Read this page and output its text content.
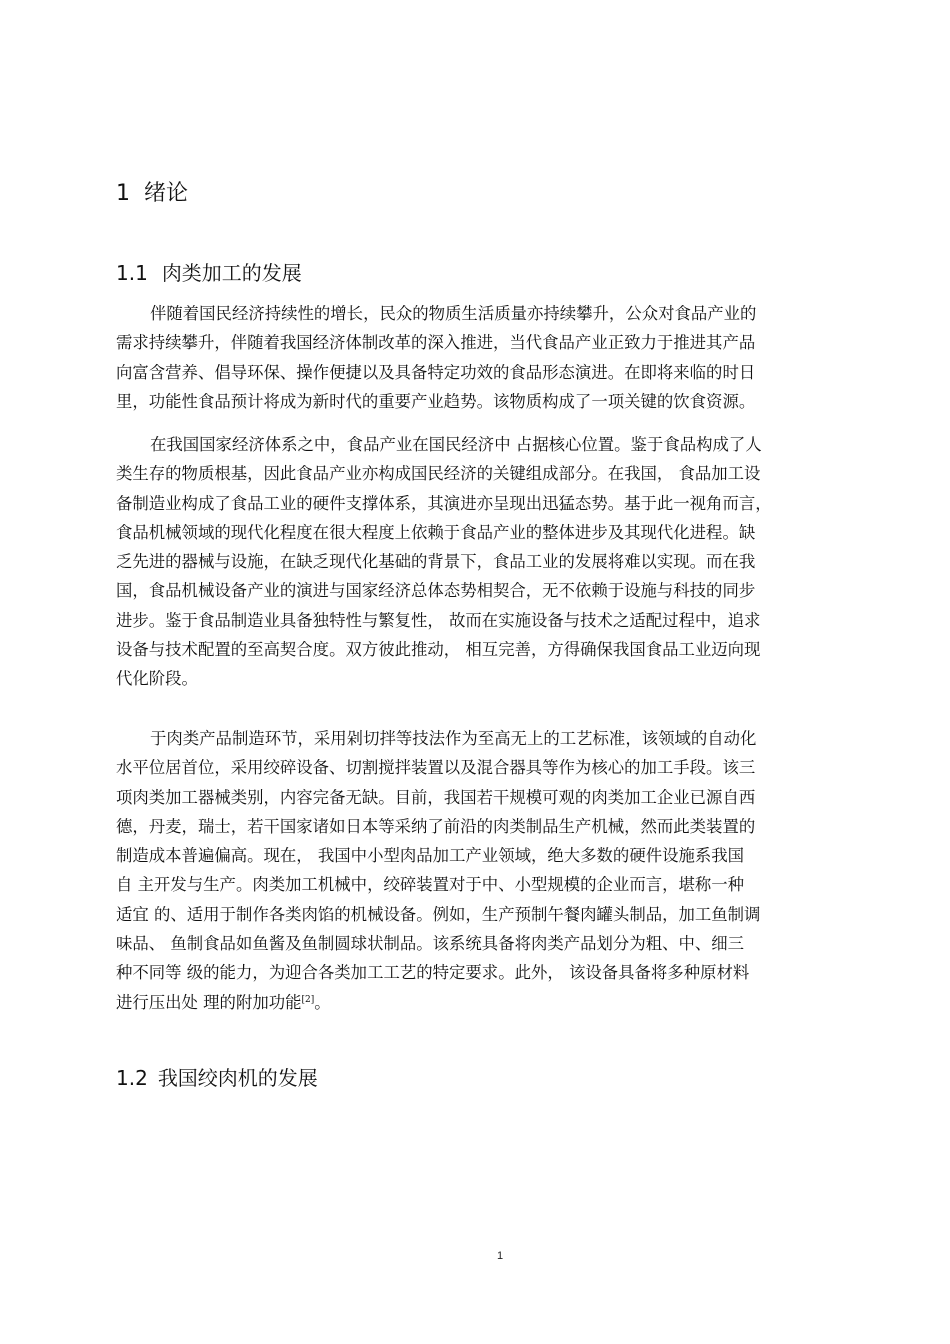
1 绪论
1.1 肉类加工的发展
伴随着国民经济持续性的增长，民众的物质生活质量亦持续攀升，公众对食品产业的
需求持续攀升，伴随着我国经济体制改革的深入推进，当代食品产业正致力于推进其产品
向富含营养、倡导环保、操作便捷以及具备特定功效的食品形态演进。在即将来临的时日
里，功能性食品预计将成为新时代的重要产业趋势。该物质构成了一项关键的饮食资源。
在我国国家经济体系之中，食品产业在国民经济中 占据核心位置。鉴于食品构成了人
类生存的物质根基，因此食品产业亦构成国民经济的关键组成部分。在我国， 食品加工设
备制造业构成了食品工业的硬件支撑体系，其演进亦呈现出迅猛态势。基于此一视角而言，
食品机械领域的现代化程度在很大程度上依赖于食品产业的整体进步及其现代化进程。缺
乏先进的器械与设施，在缺乏现代化基础的背景下，食品工业的发展将难以实现。而在我
国，食品机械设备产业的演进与国家经济总体态势相契合，无不依赖于设施与科技的同步
进步。鉴于食品制造业具备独特性与繁复性， 故而在实施设备与技术之适配过程中，追求
设备与技术配置的至高契合度。双方彼此推动， 相互完善，方得确保我国食品工业迈向现
代化阶段。
于肉类产品制造环节，采用剁切拌等技法作为至高无上的工艺标准，该领域的自动化
水平位居首位，采用绞碎设备、切割搅拌装置以及混合器具等作为核心的加工手段。该三
项肉类加工器械类别，内容完备无缺。目前，我国若干规模可观的肉类加工企业已源自西
德，丹麦，瑞士，若干国家诸如日本等采纳了前沿的肉类制品生产机械，然而此类装置的
制造成本普遍偏高。现在， 我国中小型肉品加工产业领域，绝大多数的硬件设施系我国
自 主开发与生产。肉类加工机械中，绞碎装置对于中、小型规模的企业而言，堪称一种
适宜 的、适用于制作各类肉馅的机械设备。例如，生产预制午餐肉罐头制品，加工鱼制调
味品、 鱼制食品如鱼酱及鱼制圆球状制品。该系统具备将肉类产品划分为粗、中、细三
种不同等 级的能力，为迎合各类加工工艺的特定要求。此外， 该设备具备将多种原材料
进行压出处 理的附加功能[2]。
1.2 我国绞肉机的发展
1
